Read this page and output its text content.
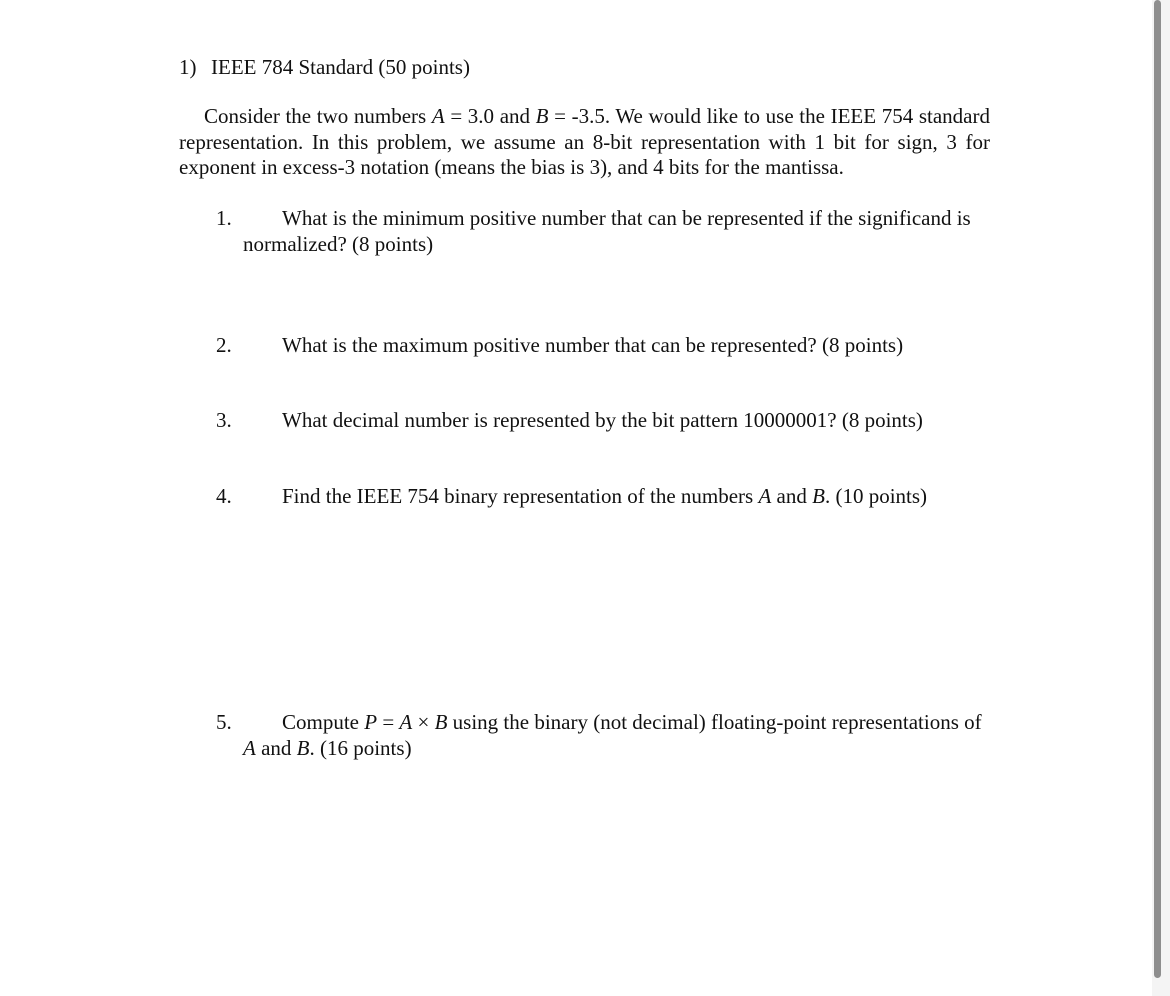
1) IEEE 784 Standard (50 points)
Consider the two numbers A = 3.0 and B = -3.5. We would like to use the IEEE 754 standard representation. In this problem, we assume an 8-bit representation with 1 bit for sign, 3 for exponent in excess-3 notation (means the bias is 3), and 4 bits for the mantissa.
1.	What is the minimum positive number that can be represented if the significand is normalized? (8 points)
2.	What is the maximum positive number that can be represented? (8 points)
3.	What decimal number is represented by the bit pattern 10000001? (8 points)
4.	Find the IEEE 754 binary representation of the numbers A and B. (10 points)
5.	Compute P = A × B using the binary (not decimal) floating-point representations of A and B. (16 points)
